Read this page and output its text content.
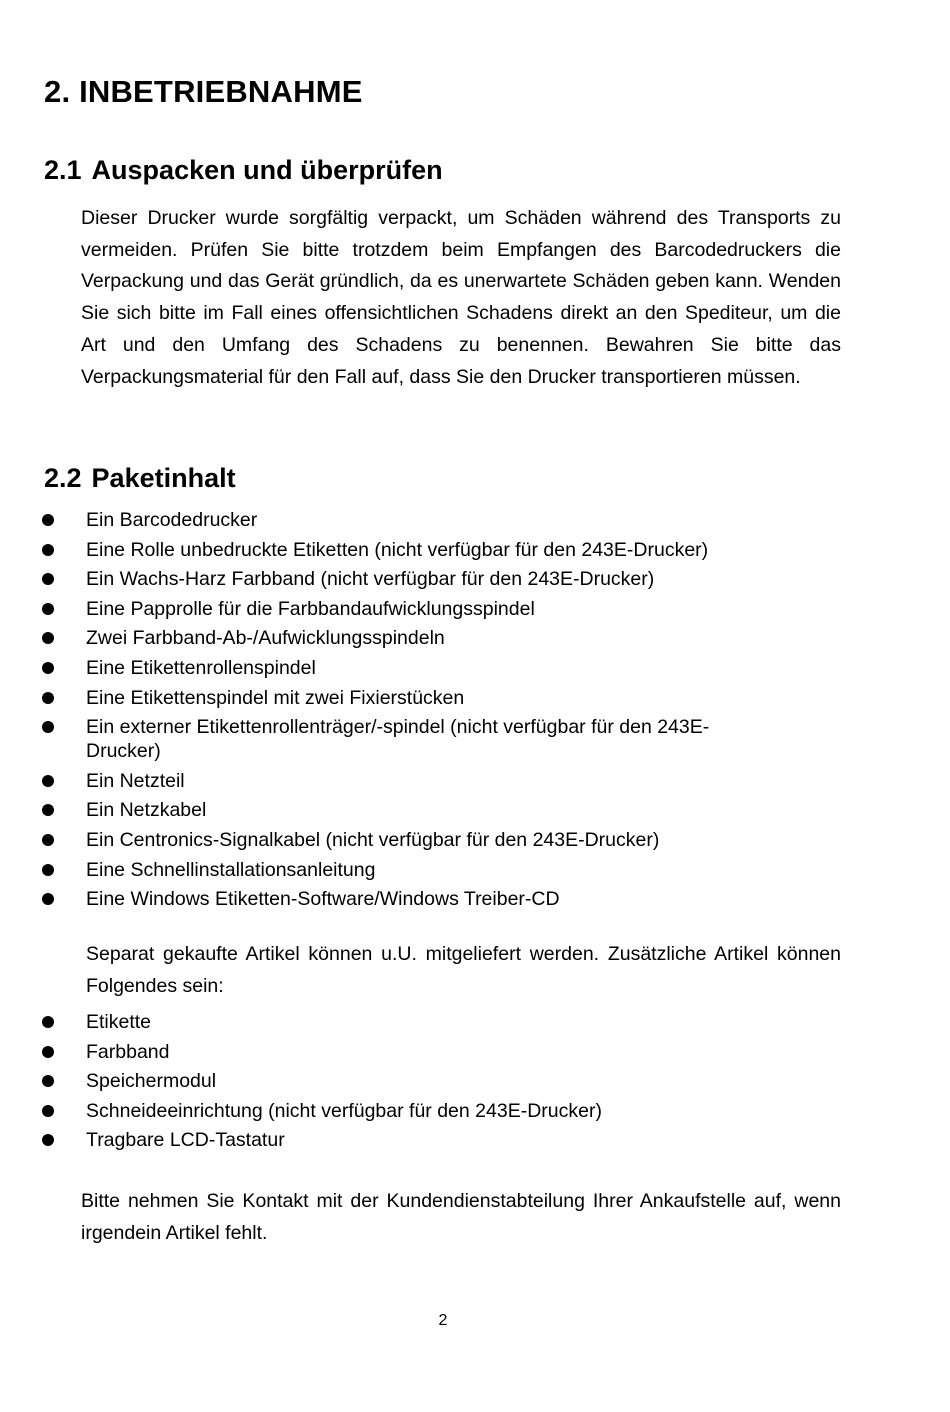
2. INBETRIEBNAHME
2.1 Auspacken und überprüfen

Dieser Drucker wurde sorgfältig verpackt, um Schäden während des Transports zu vermeiden. Prüfen Sie bitte trotzdem beim Empfangen des Barcodedruckers die Verpackung und das Gerät gründlich, da es unerwartete Schäden geben kann. Wenden Sie sich bitte im Fall eines offensichtlichen Schadens direkt an den Spediteur, um die Art und den Umfang des Schadens zu benennen. Bewahren Sie bitte das Verpackungsmaterial für den Fall auf, dass Sie den Drucker transportieren müssen.

2.2 Paketinhalt
Ein Barcodedrucker
Eine Rolle unbedruckte Etiketten (nicht verfügbar für den 243E-Drucker)
Ein Wachs-Harz Farbband (nicht verfügbar für den 243E-Drucker)
Eine Papprolle für die Farbbandaufwicklungsspindel
Zwei Farbband-Ab-/Aufwicklungsspindeln
Eine Etikettenrollenspindel
Eine Etikettenspindel mit zwei Fixierstücken
Ein externer Etikettenrollenträger/-spindel (nicht verfügbar für den 243E-Drucker)
Ein Netzteil
Ein Netzkabel
Ein Centronics-Signalkabel (nicht verfügbar für den 243E-Drucker)
Eine Schnellinstallationsanleitung
Eine Windows Etiketten-Software/Windows Treiber-CD

Separat gekaufte Artikel können u.U. mitgeliefert werden. Zusätzliche Artikel können Folgendes sein:

Etikette
Farbband
Speichermodul
Schneideeinrichtung (nicht verfügbar für den 243E-Drucker)
Tragbare LCD-Tastatur

Bitte nehmen Sie Kontakt mit der Kundendienstabteilung Ihrer Ankaufstelle auf, wenn irgendein Artikel fehlt.

2
